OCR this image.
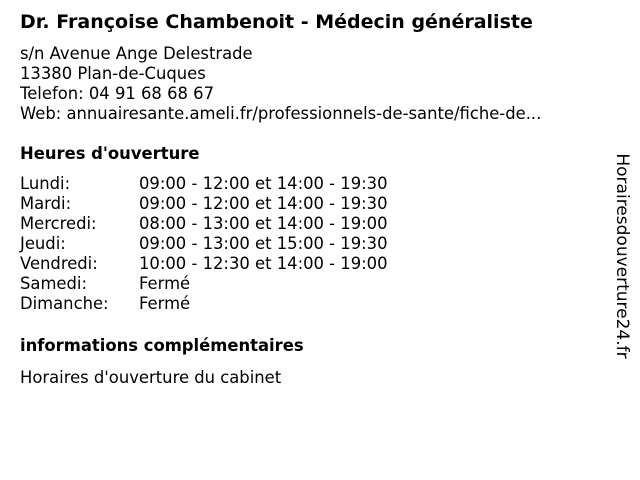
Dr. Françoise Chambenoit - Médecin généraliste
s/n Avenue Ange Delestrade
13380 Plan-de-Cuques
Telefon: 04 91 68 68 67
Web: annuairesante.ameli.fr/professionnels-de-sante/fiche-de...
Heures d'ouverture
Lundi:	09:00 - 12:00 et 14:00 - 19:30
Mardi:	09:00 - 12:00 et 14:00 - 19:30
Mercredi:	08:00 - 13:00 et 14:00 - 19:00
Jeudi:	09:00 - 13:00 et 15:00 - 19:30
Vendredi:	10:00 - 12:30 et 14:00 - 19:00
Samedi:	Fermé
Dimanche:	Fermé
informations complémentaires
Horaires d'ouverture du cabinet
Horairesdouverture24.fr
